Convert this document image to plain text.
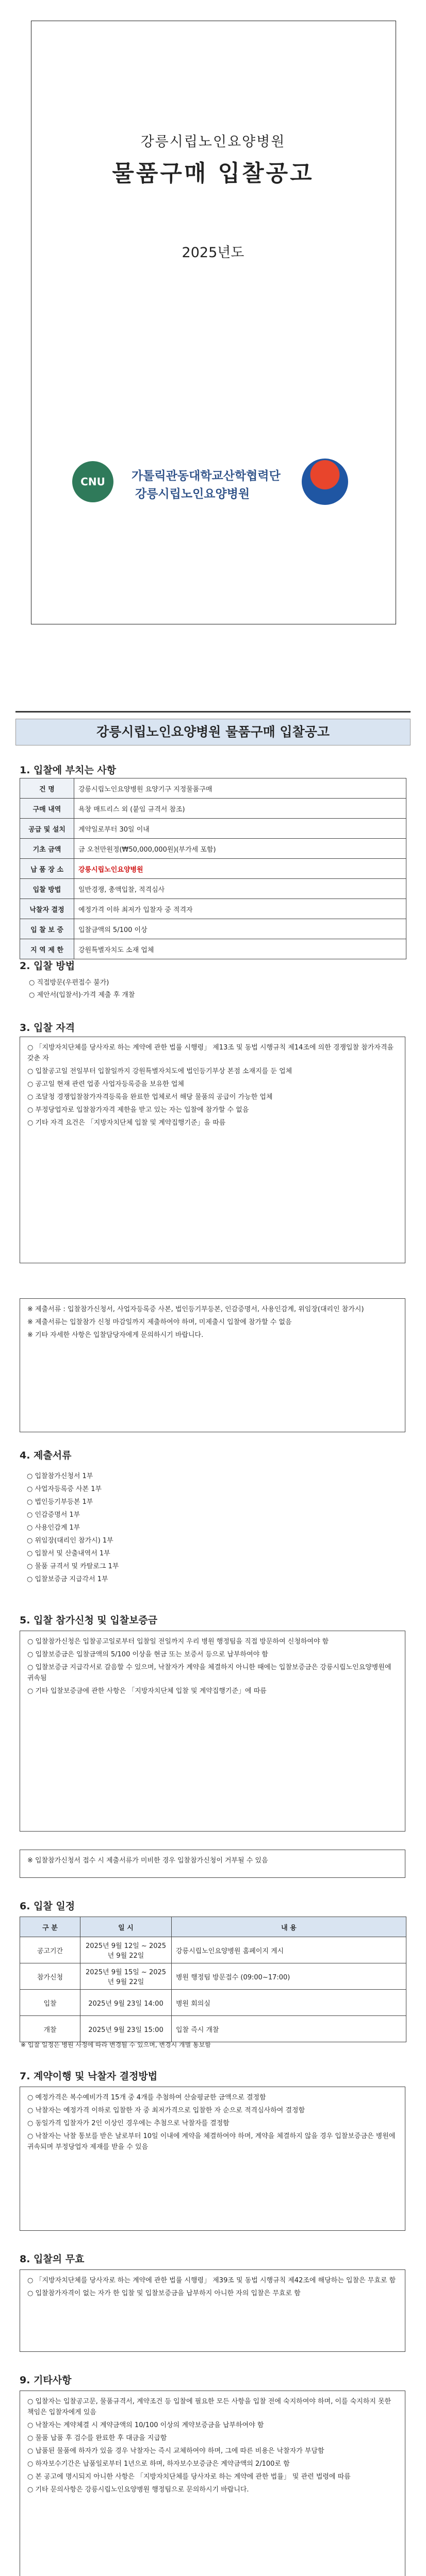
강릉시립노인요양병원
물품구매 입찰공고
2025년도
CNU	가톨릭관동대학교산학협력단
강릉시립노인요양병원
강릉시립노인요양병원 물품구매 입찰공고
1. 입찰에 부치는 사항
건 명	강릉시립노인요양병원 요양기구 지정물품구매
구매 내역	욕창 매트리스 외 (붙임 규격서 참조)
공급 및 설치	계약일로부터 30일 이내
기초 금액	금 오천만원정(₩50,000,000원)(부가세 포함)
납 품 장 소	강릉시립노인요양병원
입찰 방법	일반경쟁, 총액입찰, 적격심사
낙찰자 결정	예정가격 이하 최저가 입찰자 중 적격자
입 찰 보 증	입찰금액의 5/100 이상
지 역 제 한	강원특별자치도 소재 업체
2. 입찰 방법
○ 직접방문(우편접수 불가)
○ 제안서(입찰서)·가격 제출 후 개찰
3. 입찰 자격

○ 「지방자치단체를 당사자로 하는 계약에 관한 법률 시행령」 제13조 및 동법 시행규칙 제14조에 의한 경쟁입찰 참가자격을 갖춘 자

○ 입찰공고일 전일부터 입찰일까지 강원특별자치도에 법인등기부상 본점 소재지를 둔 업체

○ 공고일 현재 관련 업종 사업자등록증을 보유한 업체

○ 조달청 경쟁입찰참가자격등록을 완료한 업체로서 해당 물품의 공급이 가능한 업체

○ 부정당업자로 입찰참가자격 제한을 받고 있는 자는 입찰에 참가할 수 없음

○ 기타 자격 요건은 「지방자치단체 입찰 및 계약집행기준」을 따름

※ 제출서류 : 입찰참가신청서, 사업자등록증 사본, 법인등기부등본, 인감증명서, 사용인감계, 위임장(대리인 참가시)

※ 제출서류는 입찰참가 신청 마감일까지 제출하여야 하며, 미제출시 입찰에 참가할 수 없음

※ 기타 자세한 사항은 입찰담당자에게 문의하시기 바랍니다.

4. 제출서류

○ 입찰참가신청서 1부

○ 사업자등록증 사본 1부

○ 법인등기부등본 1부

○ 인감증명서 1부

○ 사용인감계 1부

○ 위임장(대리인 참가시) 1부

○ 입찰서 및 산출내역서 1부

○ 물품 규격서 및 카탈로그 1부

○ 입찰보증금 지급각서 1부

5. 입찰 참가신청 및 입찰보증금

○ 입찰참가신청은 입찰공고일로부터 입찰일 전일까지 우리 병원 행정팀을 직접 방문하여 신청하여야 함

○ 입찰보증금은 입찰금액의 5/100 이상을 현금 또는 보증서 등으로 납부하여야 함

○ 입찰보증금 지급각서로 갈음할 수 있으며, 낙찰자가 계약을 체결하지 아니한 때에는 입찰보증금은 강릉시립노인요양병원에 귀속됨

○ 기타 입찰보증금에 관한 사항은 「지방자치단체 입찰 및 계약집행기준」에 따름

※ 입찰참가신청서 접수 시 제출서류가 미비한 경우 입찰참가신청이 거부될 수 있음

6. 입찰 일정
구 분	일 시	내 용
공고기간	2025년 9월 12일 ~ 2025년 9월 22일	강릉시립노인요양병원 홈페이지 게시
참가신청	2025년 9월 15일 ~ 2025년 9월 22일	병원 행정팀 방문접수 (09:00~17:00)
입찰	2025년 9월 23일 14:00	병원 회의실
개찰	2025년 9월 23일 15:00	입찰 즉시 개찰
※ 입찰 일정은 병원 사정에 따라 변경될 수 있으며, 변경시 개별 통보함
7. 계약이행 및 낙찰자 결정방법

○ 예정가격은 복수예비가격 15개 중 4개를 추첨하여 산술평균한 금액으로 결정함

○ 낙찰자는 예정가격 이하로 입찰한 자 중 최저가격으로 입찰한 자 순으로 적격심사하여 결정함

○ 동일가격 입찰자가 2인 이상인 경우에는 추첨으로 낙찰자를 결정함

○ 낙찰자는 낙찰 통보를 받은 날로부터 10일 이내에 계약을 체결하여야 하며, 계약을 체결하지 않을 경우 입찰보증금은 병원에 귀속되며 부정당업자 제재를 받을 수 있음

8. 입찰의 무효

○ 「지방자치단체를 당사자로 하는 계약에 관한 법률 시행령」 제39조 및 동법 시행규칙 제42조에 해당하는 입찰은 무효로 함

○ 입찰참가자격이 없는 자가 한 입찰 및 입찰보증금을 납부하지 아니한 자의 입찰은 무효로 함

9. 기타사항

○ 입찰자는 입찰공고문, 물품규격서, 계약조건 등 입찰에 필요한 모든 사항을 입찰 전에 숙지하여야 하며, 이를 숙지하지 못한 책임은 입찰자에게 있음

○ 낙찰자는 계약체결 시 계약금액의 10/100 이상의 계약보증금을 납부하여야 함

○ 물품 납품 후 검수를 완료한 후 대금을 지급함

○ 납품된 물품에 하자가 있을 경우 낙찰자는 즉시 교체하여야 하며, 그에 따른 비용은 낙찰자가 부담함

○ 하자보수기간은 납품일로부터 1년으로 하며, 하자보수보증금은 계약금액의 2/100로 함

○ 본 공고에 명시되지 아니한 사항은 「지방자치단체를 당사자로 하는 계약에 관한 법률」 및 관련 법령에 따름

○ 기타 문의사항은 강릉시립노인요양병원 행정팀으로 문의하시기 바랍니다.
